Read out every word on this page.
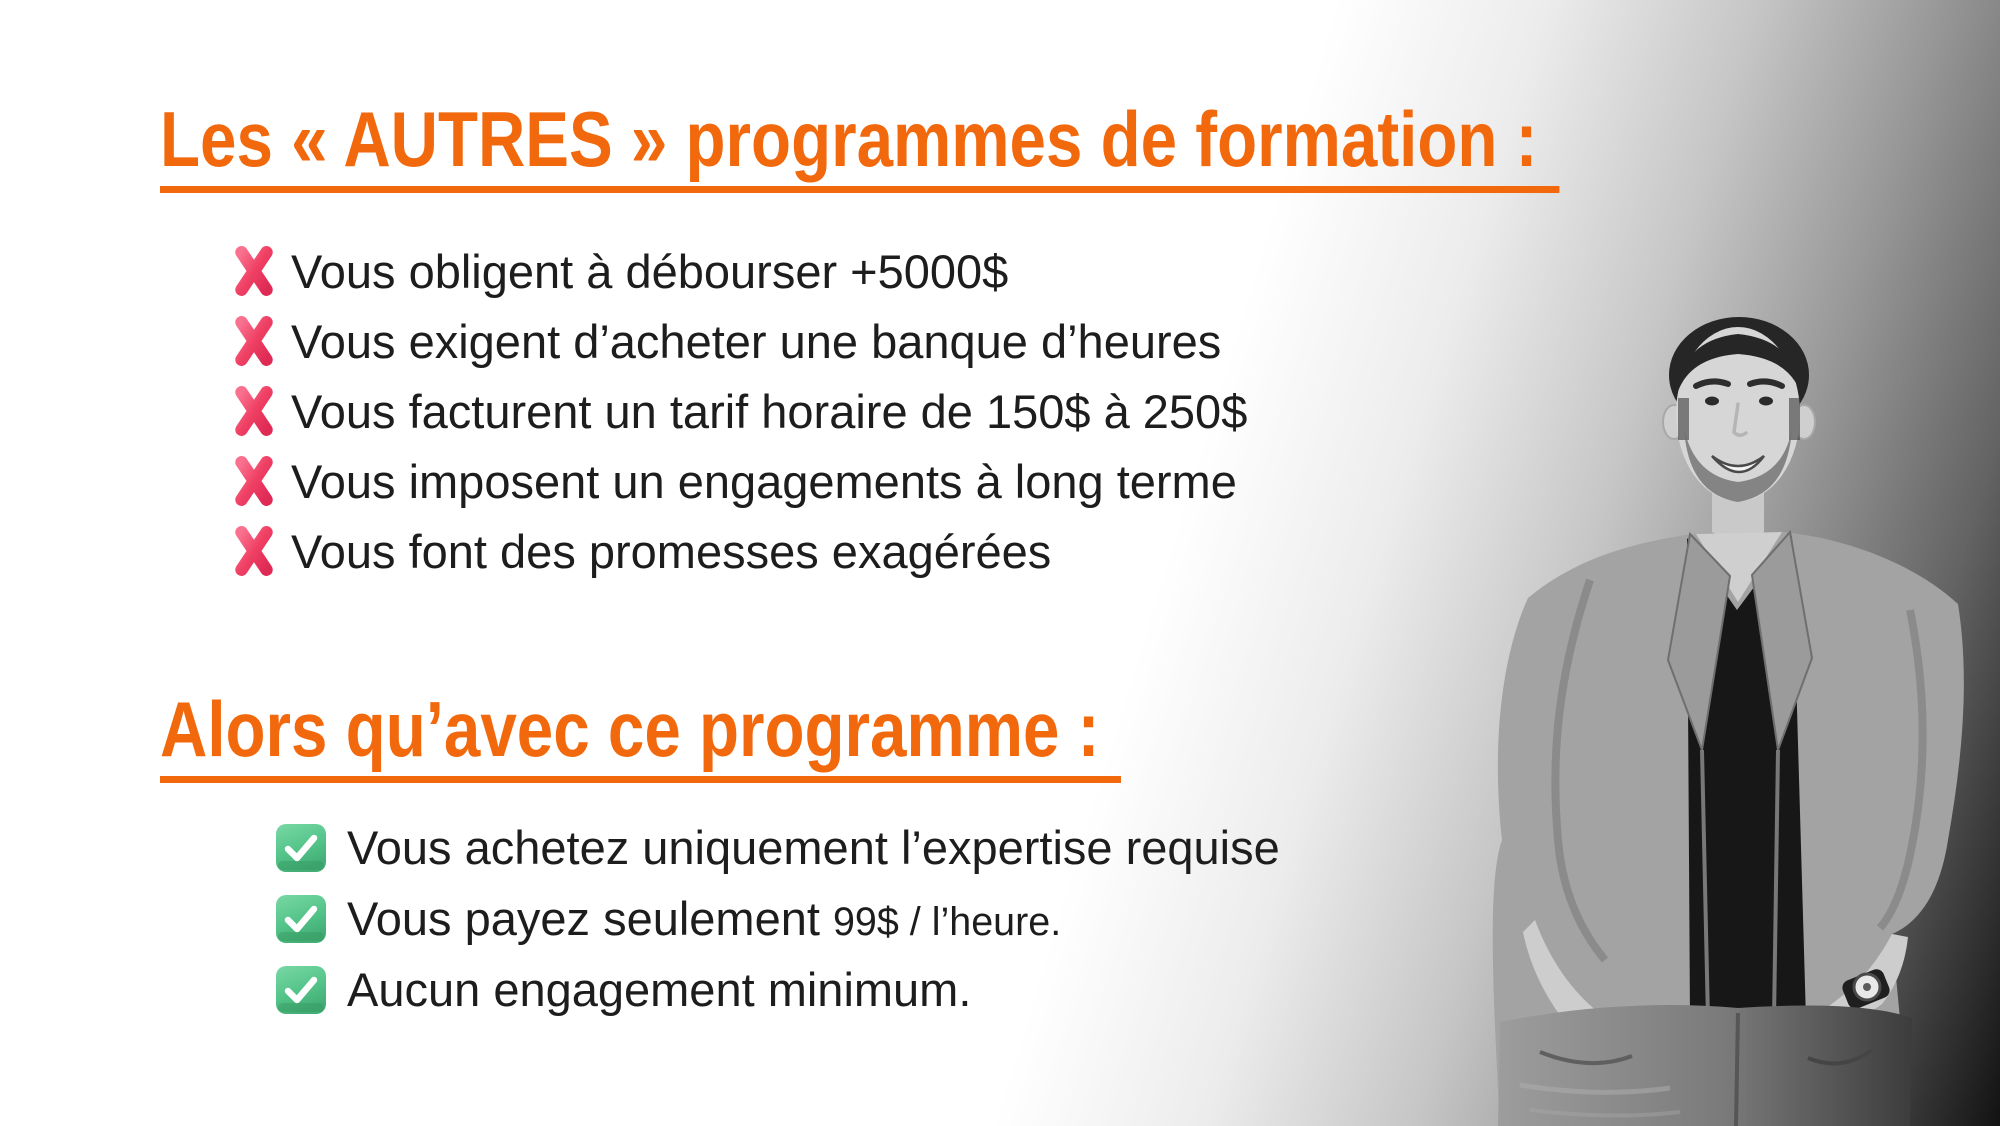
Les « AUTRES » programmes de formation :
Vous obligent à débourser +5000$
Vous exigent d’acheter une banque d’heures
Vous facturent un tarif horaire de 150$ à 250$
Vous imposent un engagements à long terme
Vous font des promesses exagérées
Alors qu’avec ce programme :
Vous achetez uniquement l’expertise requise
Vous payez seulement 99$ / l’heure.
Aucun engagement minimum.
